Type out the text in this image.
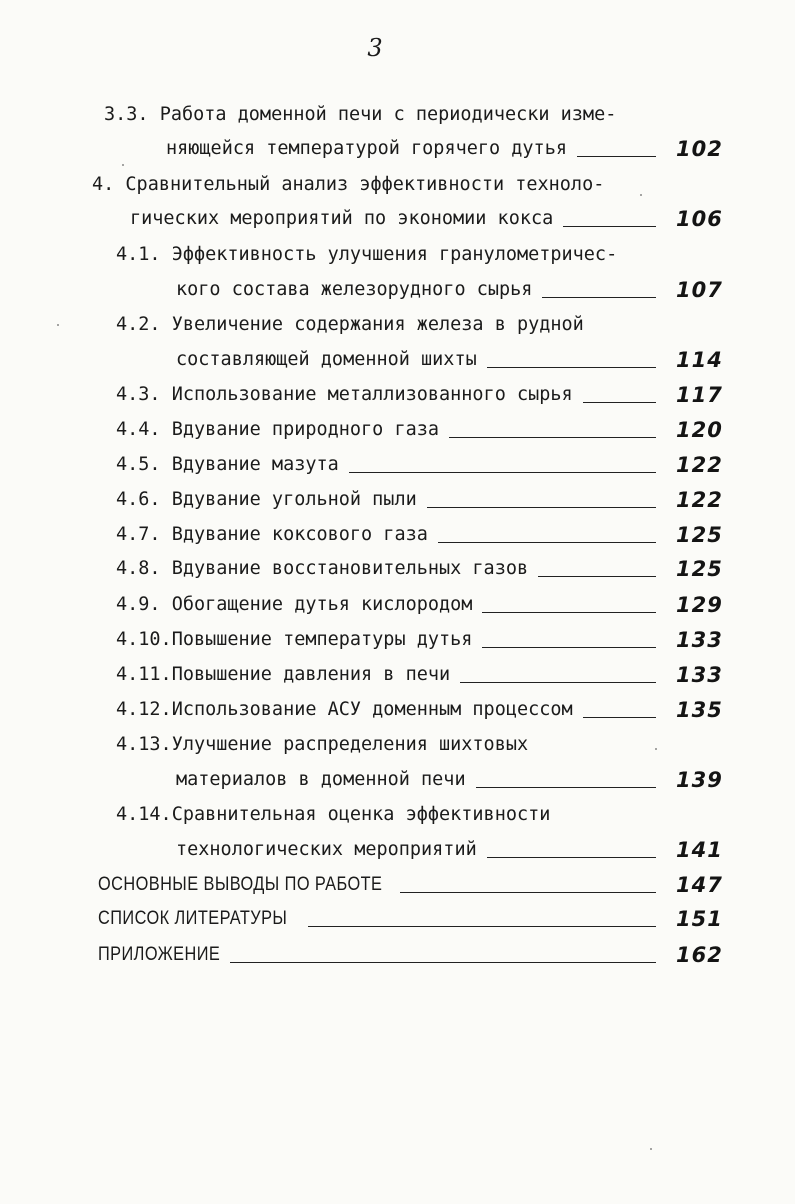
3
3.3. Работа доменной печи с периодически изме-
няющейся температурой горячего дутья	102
4. Сравнительный анализ эффективности техноло-
гических мероприятий по экономии кокса	106
4.1. Эффективность улучшения гранулометричес-
кого состава железорудного сырья	107
4.2. Увеличение содержания железа в рудной
составляющей доменной шихты	114
4.3. Использование металлизованного сырья	117
4.4. Вдувание природного газа	120
4.5. Вдувание мазута	122
4.6. Вдувание угольной пыли	122
4.7. Вдувание коксового газа	125
4.8. Вдувание восстановительных газов	125
4.9. Обогащение дутья кислородом	129
4.10.Повышение температуры дутья	133
4.11.Повышение давления в печи	133
4.12.Использование АСУ доменным процессом	135
4.13.Улучшение распределения шихтовых
материалов в доменной печи	139
4.14.Сравнительная оценка эффективности
технологических мероприятий	141
ОСНОВНЫЕ ВЫВОДЫ ПО РАБОТЕ	147
СПИСОК ЛИТЕРАТУРЫ	151
ПРИЛОЖЕНИЕ	162
